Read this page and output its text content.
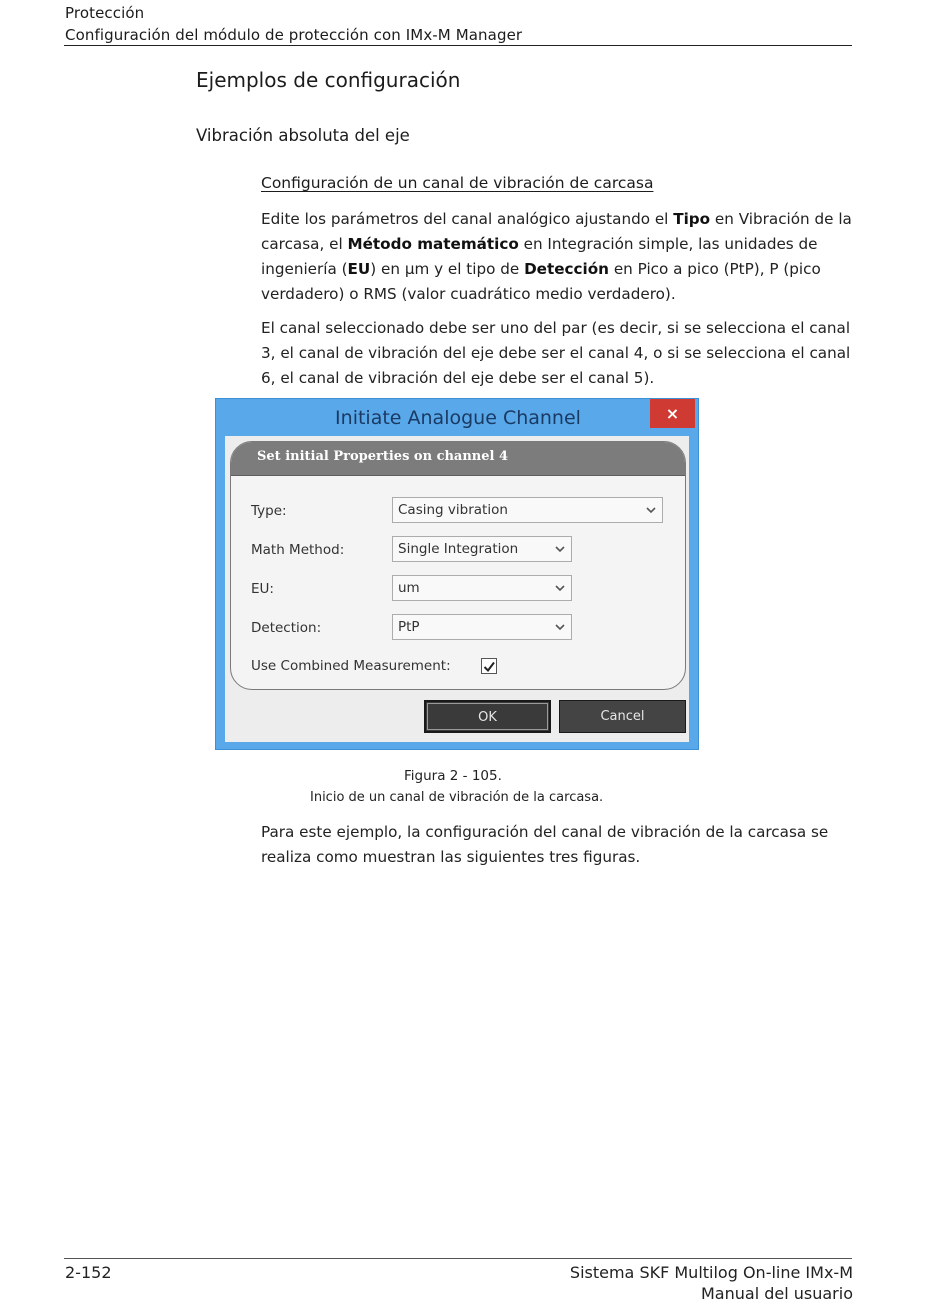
Protección
Configuración del módulo de protección con IMx-M Manager
Ejemplos de configuración
Vibración absoluta del eje
Configuración de un canal de vibración de carcasa
Edite los parámetros del canal analógico ajustando el Tipo en Vibración de la carcasa, el Método matemático en Integración simple, las unidades de ingeniería (EU) en µm y el tipo de Detección en Pico a pico (PtP), P (pico verdadero) o RMS (valor cuadrático medio verdadero).
El canal seleccionado debe ser uno del par (es decir, si se selecciona el canal 3, el canal de vibración del eje debe ser el canal 4, o si se selecciona el canal 6, el canal de vibración del eje debe ser el canal 5).
Initiate Analogue Channel	×
Set initial Properties on channel 4
Type:	Casing vibration
Math Method:	Single Integration
EU:	um
Detection:	PtP
Use Combined Measurement:
OK	Cancel
Figura 2 - 105.
Inicio de un canal de vibración de la carcasa.
Para este ejemplo, la configuración del canal de vibración de la carcasa se realiza como muestran las siguientes tres figuras.
2-152	Sistema SKF Multilog On-line IMx-M
Manual del usuario
